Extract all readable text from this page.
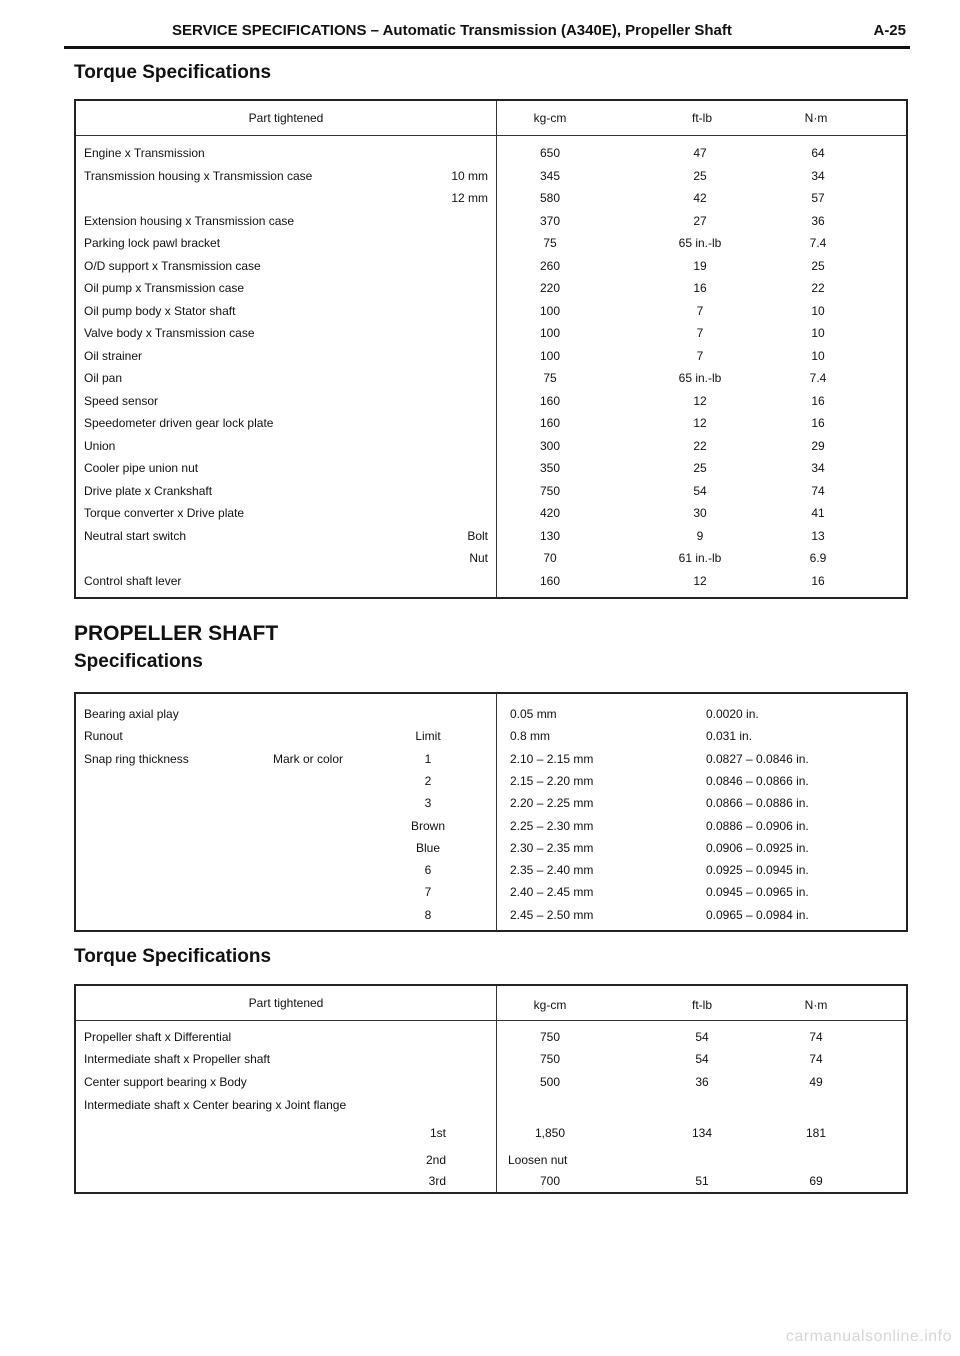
SERVICE SPECIFICATIONS – Automatic Transmission (A340E), Propeller Shaft	A-25
Torque Specifications
Part tightened	kg-cm	ft-lb	N·m
Engine x Transmission	650	47	64
Transmission housing x Transmission case	10 mm	345	25	34
12 mm	580	42	57
Extension housing x Transmission case	370	27	36
Parking lock pawl bracket	75	65 in.-lb	7.4
O/D support x Transmission case	260	19	25
Oil pump x Transmission case	220	16	22
Oil pump body x Stator shaft	100	7	10
Valve body x Transmission case	100	7	10
Oil strainer	100	7	10
Oil pan	75	65 in.-lb	7.4
Speed sensor	160	12	16
Speedometer driven gear lock plate	160	12	16
Union	300	22	29
Cooler pipe union nut	350	25	34
Drive plate x Crankshaft	750	54	74
Torque converter x Drive plate	420	30	41
Neutral start switch	Bolt	130	9	13
Nut	70	61 in.-lb	6.9
Control shaft lever	160	12	16
PROPELLER SHAFT
Specifications
Bearing axial play	0.05 mm	0.0020 in.
Runout	Limit	0.8 mm	0.031 in.
Snap ring thickness	Mark or color	1	2.10 – 2.15 mm	0.0827 – 0.0846 in.
2	2.15 – 2.20 mm	0.0846 – 0.0866 in.
3	2.20 – 2.25 mm	0.0866 – 0.0886 in.
Brown	2.25 – 2.30 mm	0.0886 – 0.0906 in.
Blue	2.30 – 2.35 mm	0.0906 – 0.0925 in.
6	2.35 – 2.40 mm	0.0925 – 0.0945 in.
7	2.40 – 2.45 mm	0.0945 – 0.0965 in.
8	2.45 – 2.50 mm	0.0965 – 0.0984 in.
Torque Specifications
Part tightened	kg-cm	ft-lb	N·m
Propeller shaft x Differential	750	54	74
Intermediate shaft x Propeller shaft	750	54	74
Center support bearing x Body	500	36	49
Intermediate shaft x Center bearing x Joint flange
1st	1,850	134	181
2nd	Loosen nut
3rd	700	51	69
carmanualsonline.info
